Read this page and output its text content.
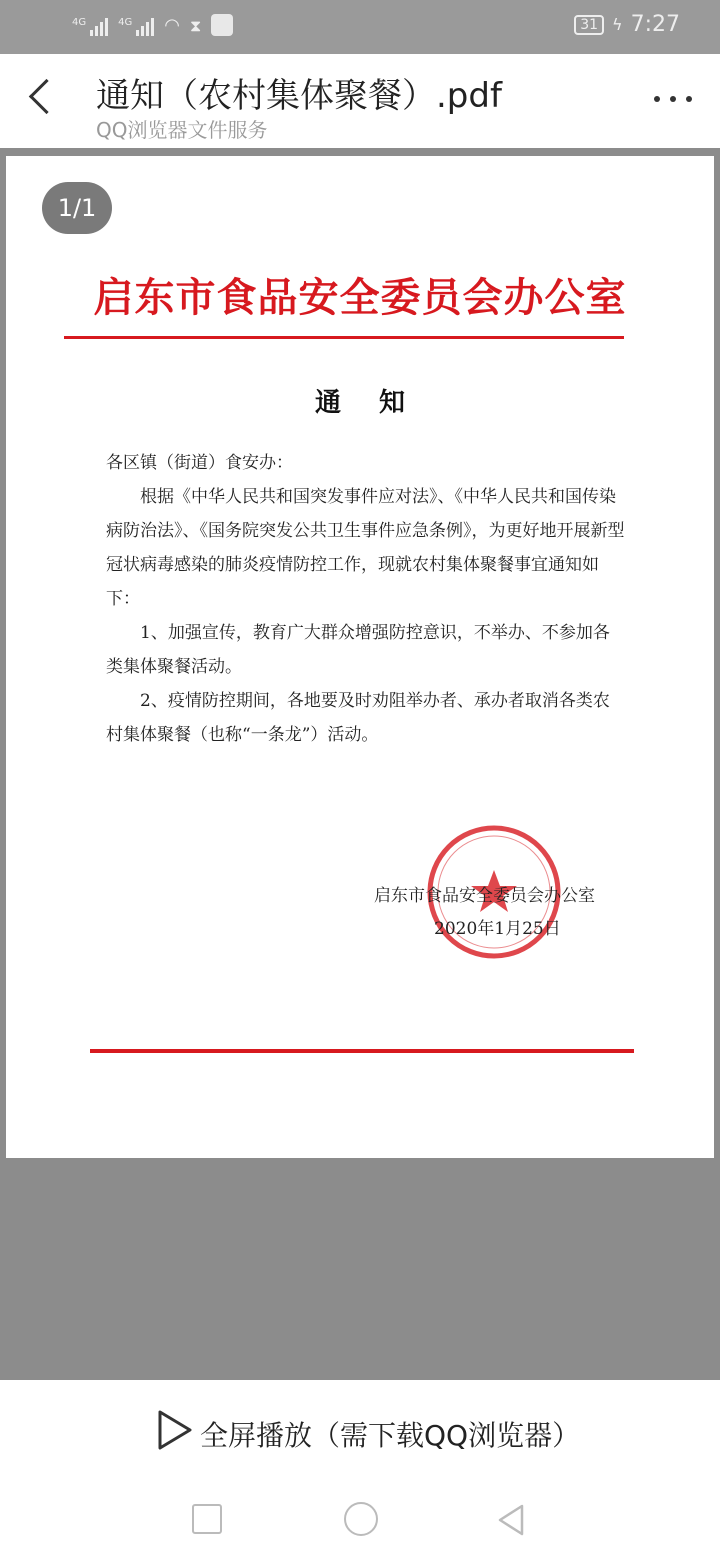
4G	4G ◠ ⧗	31 ϟ 7:27
通知（农村集体聚餐）.pdf
QQ浏览器文件服务
1/1
启东市食品安全委员会办公室
通知

各区镇（街道）食安办：

根据《中华人民共和国突发事件应对法》、《中华人民共和国传染病防治法》、《国务院突发公共卫生事件应急条例》，为更好地开展新型冠状病毒感染的肺炎疫情防控工作，现就农村集体聚餐事宜通知如下：

1、加强宣传，教育广大群众增强防控意识，不举办、不参加各类集体聚餐活动。

2、疫情防控期间，各地要及时劝阻举办者、承办者取消各类农村集体聚餐（也称“一条龙”）活动。

启东市食品安全委员会办公室
2020年1月25日
全屏播放（需下载QQ浏览器）
